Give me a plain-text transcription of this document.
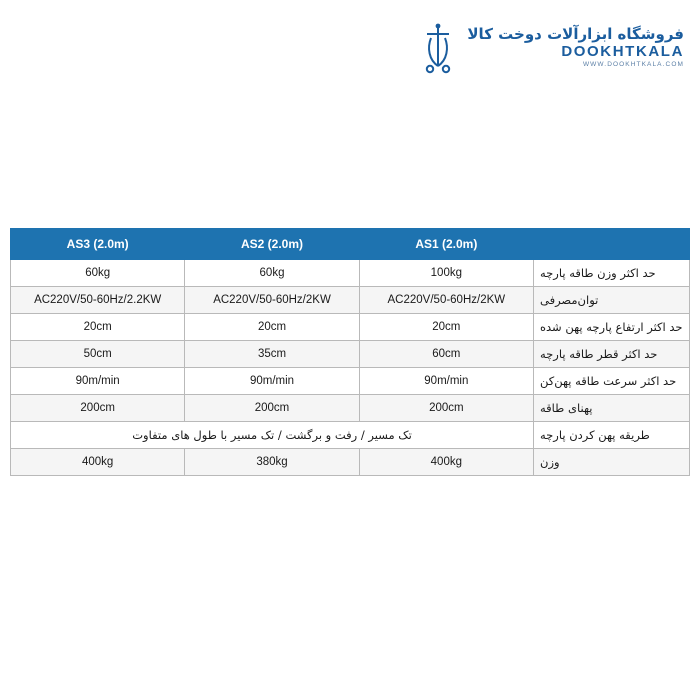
فروشگاه ابزارآلات دوخت کالا
DOOKHTKALA
WWW.DOOKHTKALA.COM
	AS1 (2.0m)	AS2 (2.0m)	AS3 (2.0m)
حد اکثر وزن طاقه پارچه	100kg	60kg	60kg
توان‌مصرفی	AC220V/50-60Hz/2KW	AC220V/50-60Hz/2KW	AC220V/50-60Hz/2.2KW
حد اکثر ارتفاع پارچه پهن شده	20cm	20cm	20cm
حد اکثر قطر طاقه پارچه	60cm	35cm	50cm
حد اکثر سرعت طاقه پهن‌کن	90m/min	90m/min	90m/min
پهنای طاقه	200cm	200cm	200cm
طریقه پهن کردن پارچه	تک مسیر / رفت و برگشت / تک مسیر با طول های متفاوت		
وزن	400kg	380kg	400kg
